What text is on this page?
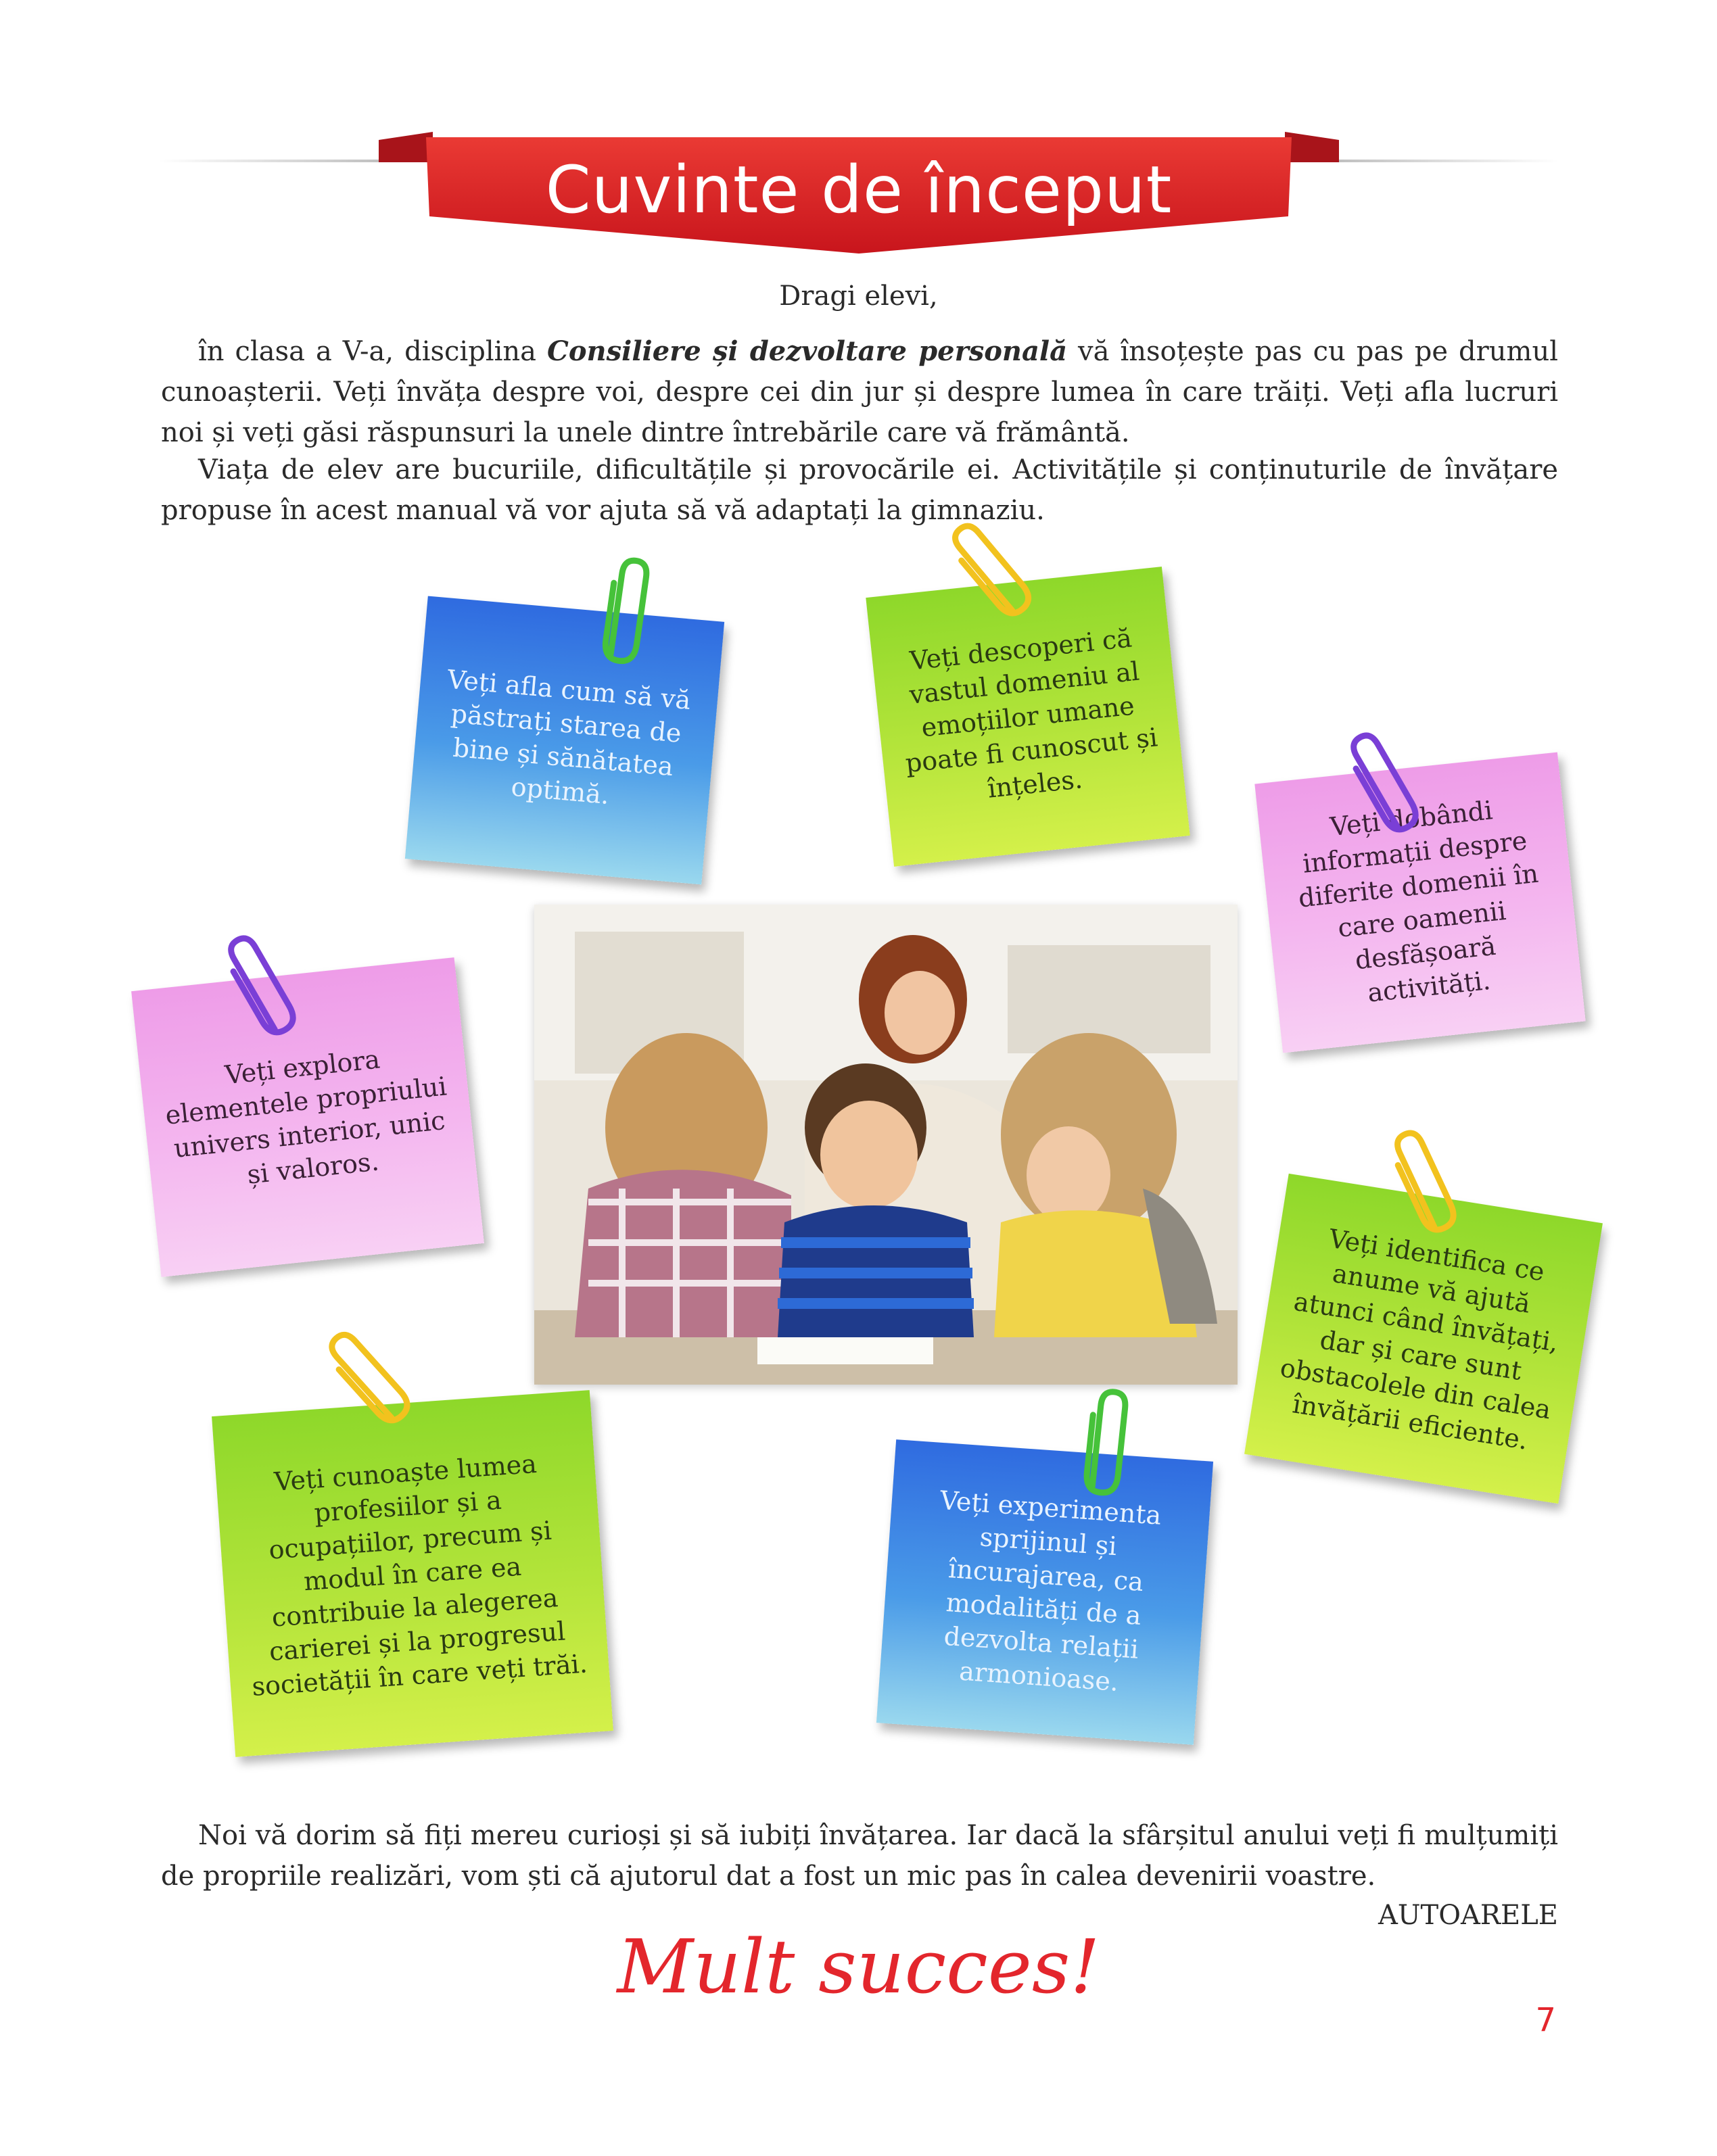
Cuvinte de început
Dragi elevi,
în clasa a V-a, disciplina Consiliere și dezvoltare personală vă însoțește pas cu pas pe drumul cunoașterii. Veți învăța despre voi, despre cei din jur și despre lumea în care trăiți. Veți afla lucruri noi și veți găsi răspunsuri la unele dintre întrebările care vă frământă.
Viața de elev are bucuriile, dificultățile și provocările ei. Activitățile și conținuturile de învățare propuse în acest manual vă vor ajuta să vă adaptați la gimnaziu.
Veți afla cum să vă păstrați starea de bine și sănătatea optimă.
Veți descoperi că vastul domeniu al emoțiilor umane poate fi cunoscut și înțeles.
Veți dobândi informații despre diferite domenii în care oamenii desfășoară activități.
Veți explora elementele propriului univers interior, unic și valoros.
Veți identifica ce anume vă ajută atunci când învățați, dar și care sunt obstacolele din calea învățării eficiente.
Veți cunoaște lumea profesiilor și a ocupațiilor, precum și modul în care ea contribuie la alegerea carierei și la progresul societății în care veți trăi.
Veți experimenta sprijinul și încurajarea, ca modalități de a dezvolta relații armonioase.
Noi vă dorim să fiți mereu curioși și să iubiți învățarea. Iar dacă la sfârșitul anului veți fi mulțumiți de propriile realizări, vom ști că ajutorul dat a fost un mic pas în calea devenirii voastre.
AUTOARELE
Mult succes!
7
